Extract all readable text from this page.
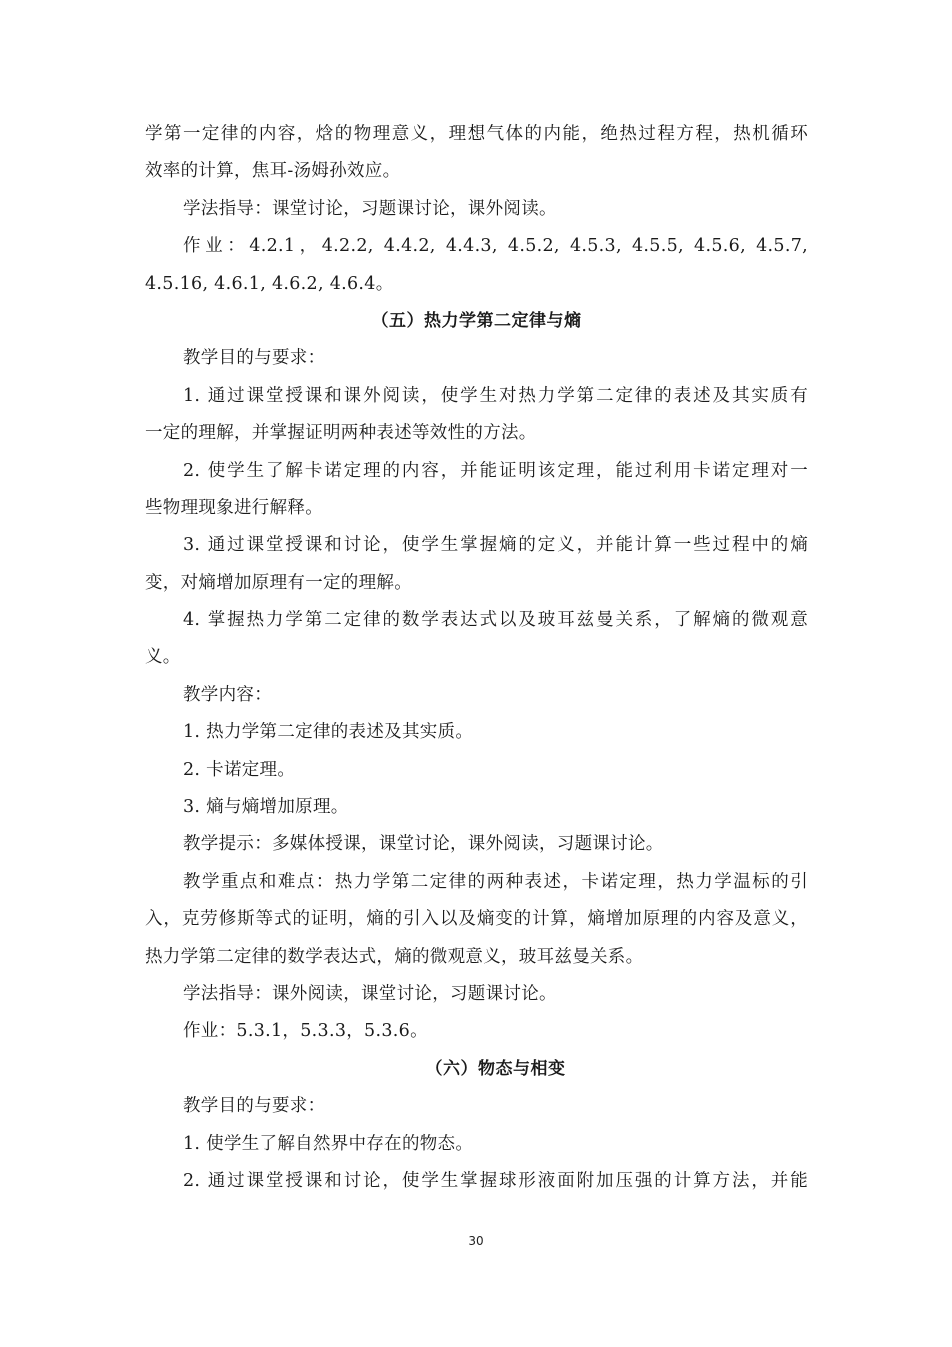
学第一定律的内容，焓的物理意义，理想气体的内能，绝热过程方程，热机循环
效率的计算，焦耳-汤姆孙效应。
学法指导：课堂讨论，习题课讨论，课外阅读。
作业：4.2.1，4.2.2, 4.4.2, 4.4.3, 4.5.2, 4.5.3, 4.5.5, 4.5.6, 4.5.7,
4.5.16, 4.6.1, 4.6.2, 4.6.4。
（五）热力学第二定律与熵
教学目的与要求：
1. 通过课堂授课和课外阅读，使学生对热力学第二定律的表述及其实质有
一定的理解，并掌握证明两种表述等效性的方法。
2. 使学生了解卡诺定理的内容，并能证明该定理，能过利用卡诺定理对一
些物理现象进行解释。
3. 通过课堂授课和讨论，使学生掌握熵的定义，并能计算一些过程中的熵
变，对熵增加原理有一定的理解。
4. 掌握热力学第二定律的数学表达式以及玻耳兹曼关系，了解熵的微观意
义。
教学内容：
1. 热力学第二定律的表述及其实质。
2. 卡诺定理。
3. 熵与熵增加原理。
教学提示：多媒体授课，课堂讨论，课外阅读，习题课讨论。
教学重点和难点：热力学第二定律的两种表述，卡诺定理，热力学温标的引
入，克劳修斯等式的证明，熵的引入以及熵变的计算，熵增加原理的内容及意义，
热力学第二定律的数学表达式，熵的微观意义，玻耳兹曼关系。
学法指导：课外阅读，课堂讨论，习题课讨论。
作业：5.3.1，5.3.3，5.3.6。
（六）物态与相变
教学目的与要求：
1. 使学生了解自然界中存在的物态。
2. 通过课堂授课和讨论，使学生掌握球形液面附加压强的计算方法，并能
30
